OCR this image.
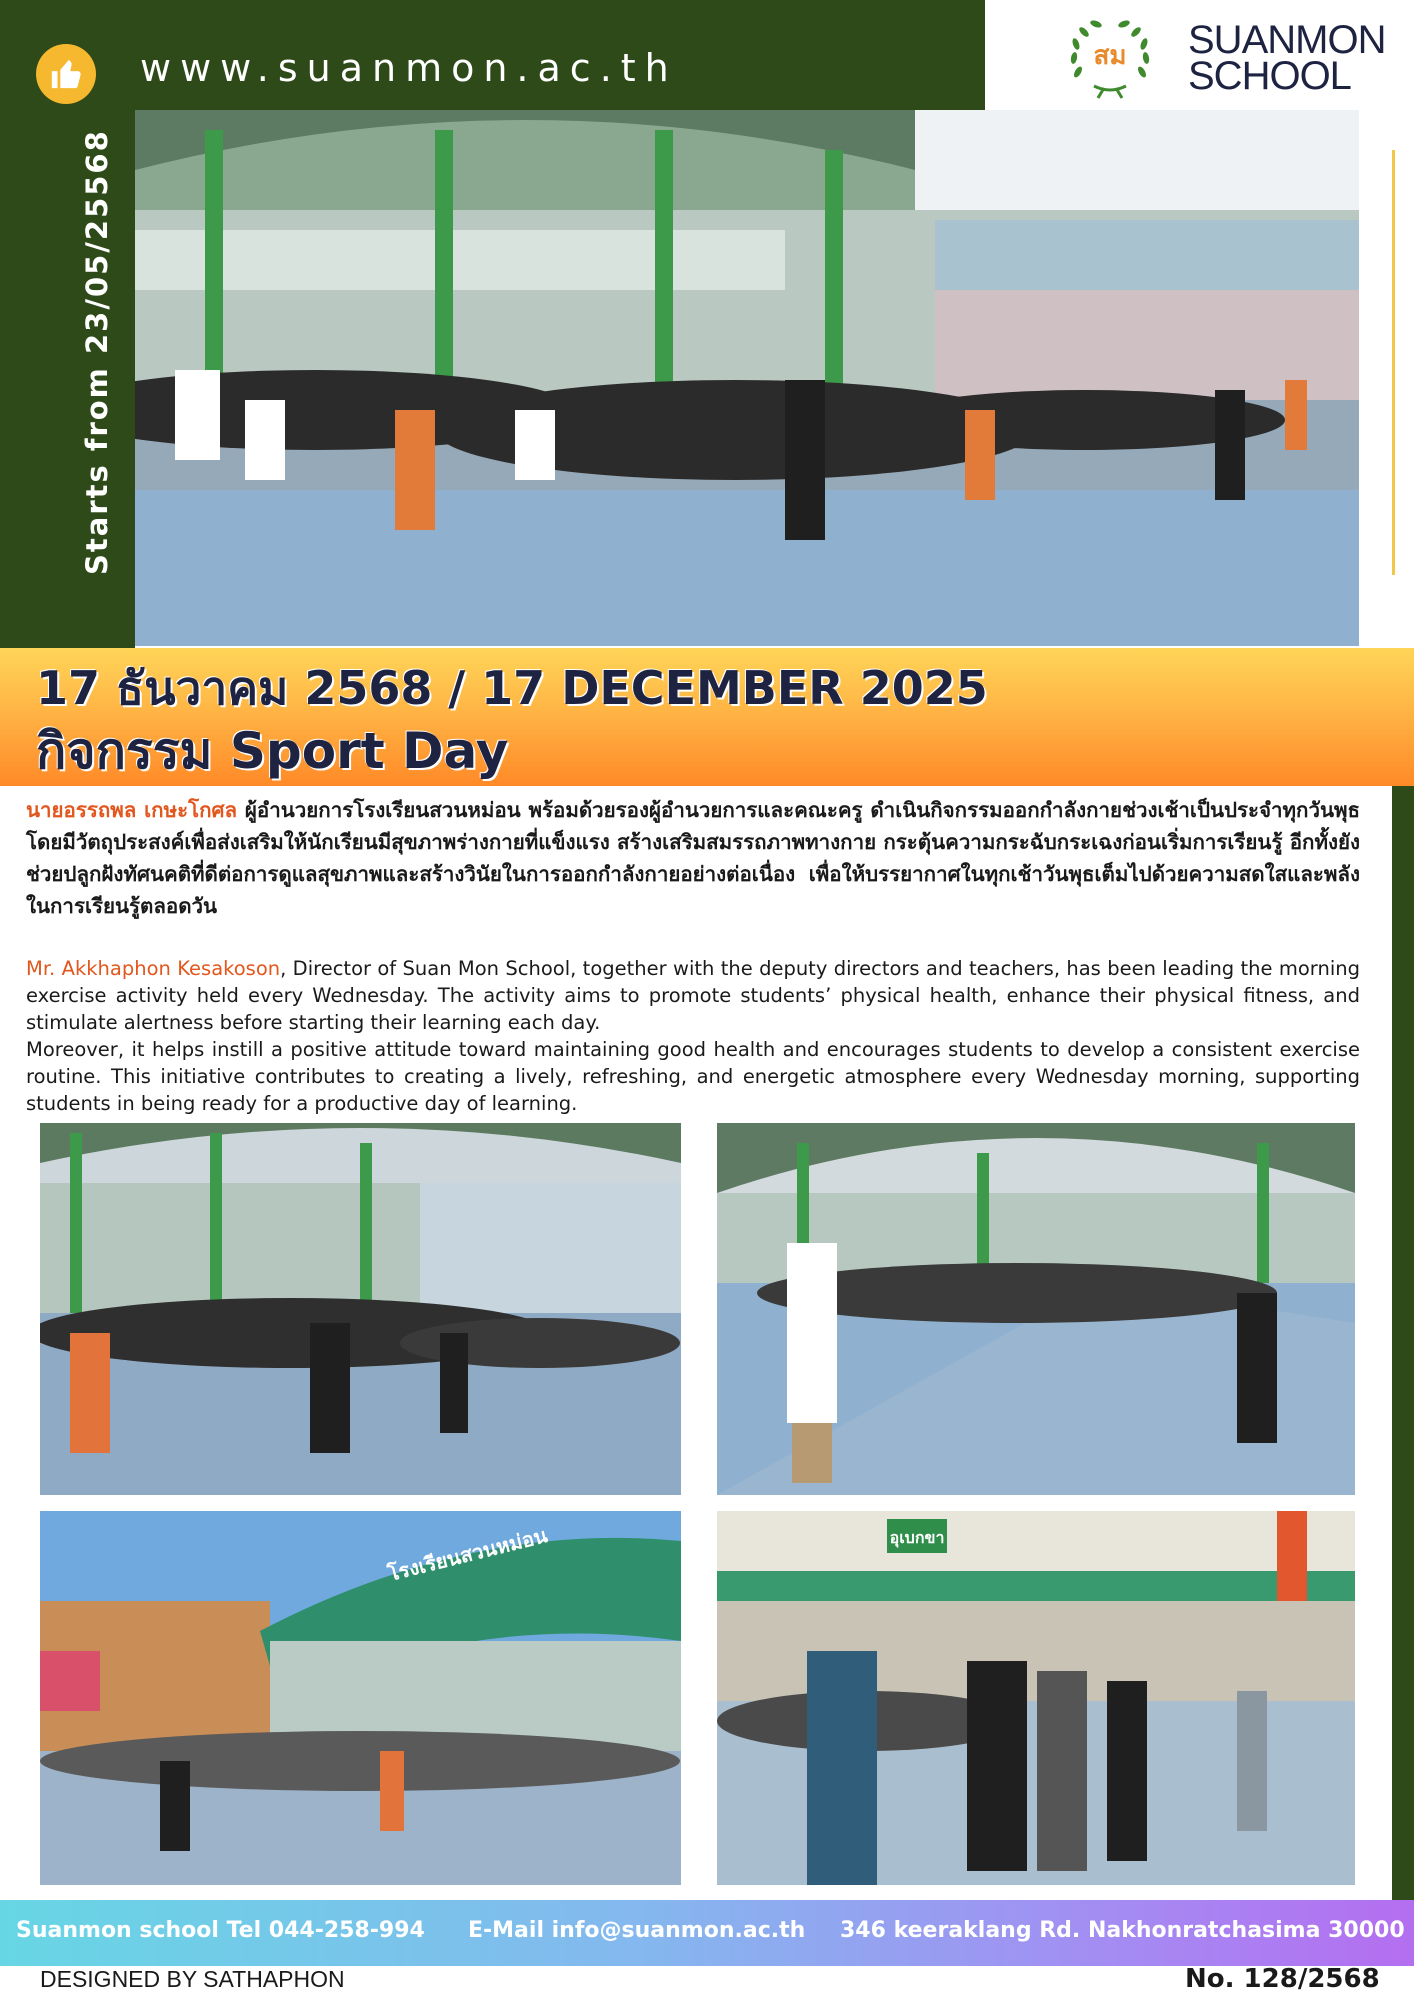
www.suanmon.ac.th	สม SUANMON
SCHOOL
Starts from 23/05/25568
17 ธันวาคม 2568 / 17 DECEMBER 2025
กิจกรรม Sport Day
นายอรรถพล เกษะโกศล ผู้อำนวยการโรงเรียนสวนหม่อน พร้อมด้วยรองผู้อำนวยการและคณะครู ดำเนินกิจกรรมออกกำลังกายช่วงเช้าเป็นประจำทุกวันพุธ โดยมีวัตถุประสงค์เพื่อส่งเสริมให้นักเรียนมีสุขภาพร่างกายที่แข็งแรง สร้างเสริมสมรรถภาพทางกาย กระตุ้นความกระฉับกระเฉงก่อนเริ่มการเรียนรู้ อีกทั้งยังช่วยปลูกฝังทัศนคติที่ดีต่อการดูแลสุขภาพและสร้างวินัยในการออกกำลังกายอย่างต่อเนื่อง เพื่อให้บรรยากาศในทุกเช้าวันพุธเต็มไปด้วยความสดใสและพลังในการเรียนรู้ตลอดวัน
Mr. Akkhaphon Kesakoson, Director of Suan Mon School, together with the deputy directors and teachers, has been leading the morning exercise activity held every Wednesday. The activity aims to promote students’ physical health, enhance their physical fitness, and stimulate alertness before starting their learning each day.
Moreover, it helps instill a positive attitude toward maintaining good health and encourages students to develop a consistent exercise routine. This initiative contributes to creating a lively, refreshing, and energetic atmosphere every Wednesday morning, supporting students in being ready for a productive day of learning.
โรงเรียนสวนหม่อน	อุเบกขา
Suanmon school Tel 044-258-994 E-Mail info@suanmon.ac.th 346 keeraklang Rd. Nakhonratchasima 30000
DESIGNED BY SATHAPHON	No. 128/2568
